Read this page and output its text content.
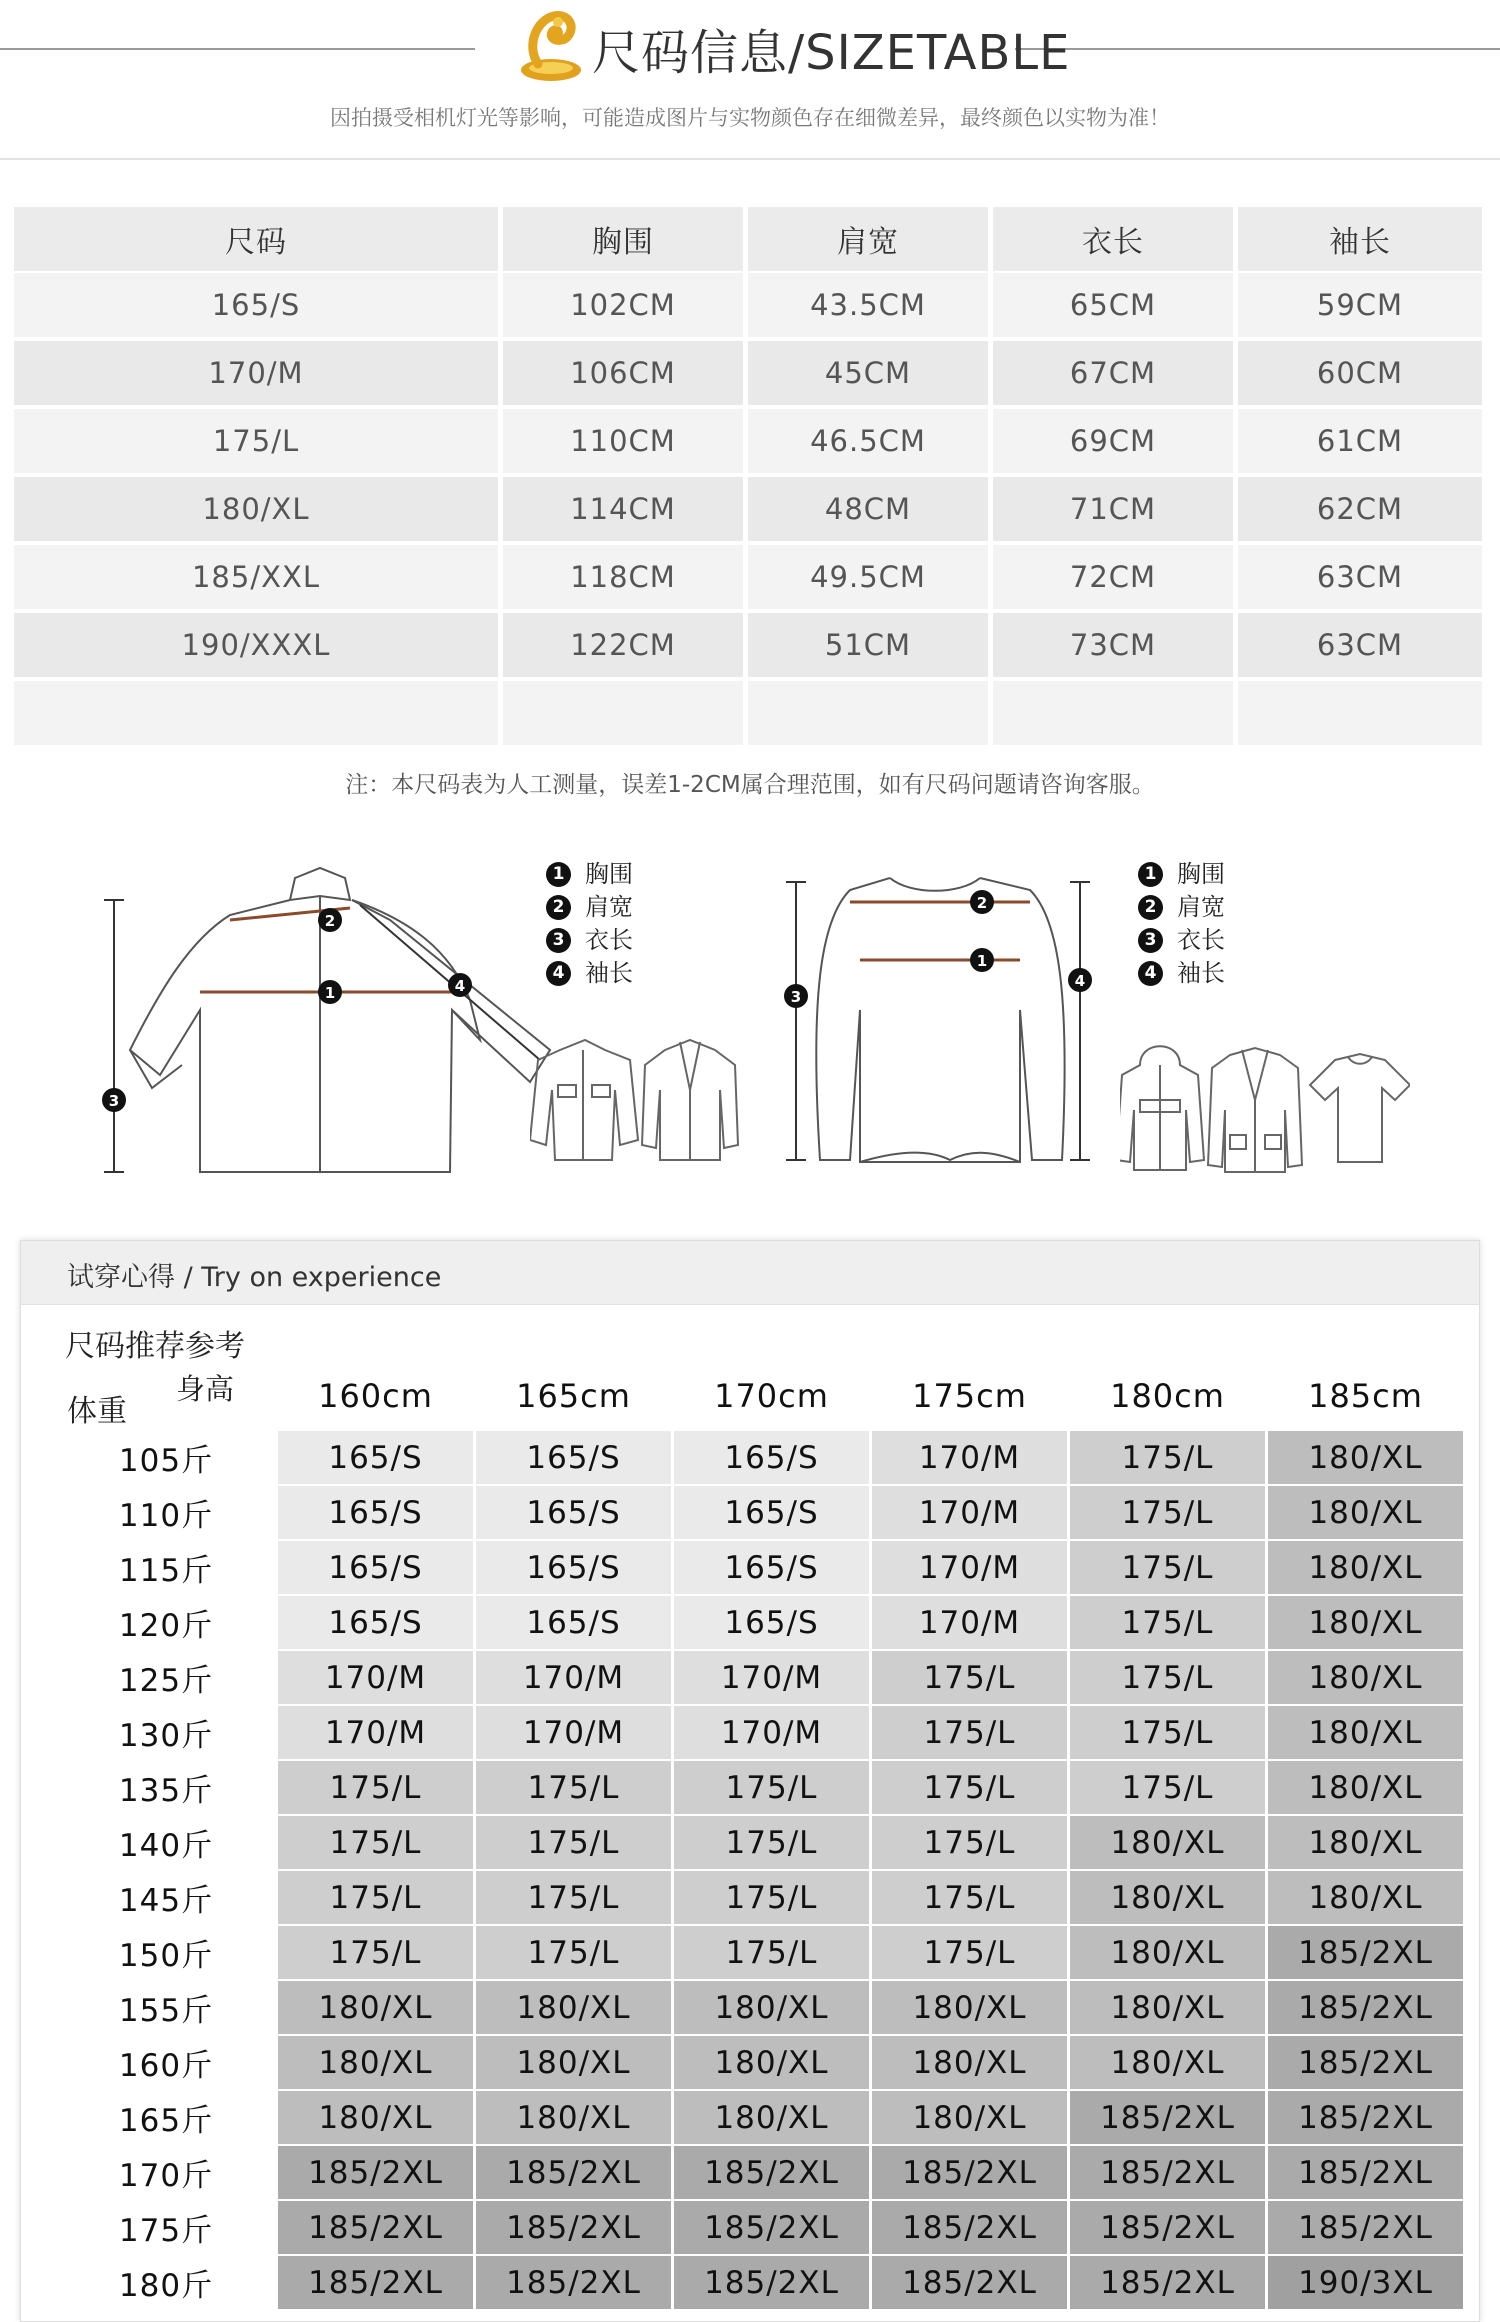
尺码信息/SIZETABLE
因拍摄受相机灯光等影响，可能造成图片与实物颜色存在细微差异，最终颜色以实物为准！
尺码	胸围	肩宽	衣长	袖长
165/S	102CM	43.5CM	65CM	59CM
170/M	106CM	45CM	67CM	60CM
175/L	110CM	46.5CM	69CM	61CM
180/XL	114CM	48CM	71CM	62CM
185/XXL	118CM	49.5CM	72CM	63CM
190/XXXL	122CM	51CM	73CM	63CM
注：本尺码表为人工测量，误差1-2CM属合理范围，如有尺码问题请咨询客服。
1
2
3
4
1 胸围
2 肩宽
3 衣长
4 袖长	1
2
3
4
1 胸围
2 肩宽
3 衣长
4 袖长
试穿心得 / Try on experience
尺码推荐参考
身高
体重	160cm	165cm	170cm	175cm	180cm	185cm
105斤	165/S	165/S	165/S	170/M	175/L	180/XL
110斤	165/S	165/S	165/S	170/M	175/L	180/XL
115斤	165/S	165/S	165/S	170/M	175/L	180/XL
120斤	165/S	165/S	165/S	170/M	175/L	180/XL
125斤	170/M	170/M	170/M	175/L	175/L	180/XL
130斤	170/M	170/M	170/M	175/L	175/L	180/XL
135斤	175/L	175/L	175/L	175/L	175/L	180/XL
140斤	175/L	175/L	175/L	175/L	180/XL	180/XL
145斤	175/L	175/L	175/L	175/L	180/XL	180/XL
150斤	175/L	175/L	175/L	175/L	180/XL	185/2XL
155斤	180/XL	180/XL	180/XL	180/XL	180/XL	185/2XL
160斤	180/XL	180/XL	180/XL	180/XL	180/XL	185/2XL
165斤	180/XL	180/XL	180/XL	180/XL	185/2XL	185/2XL
170斤	185/2XL	185/2XL	185/2XL	185/2XL	185/2XL	185/2XL
175斤	185/2XL	185/2XL	185/2XL	185/2XL	185/2XL	185/2XL
180斤	185/2XL	185/2XL	185/2XL	185/2XL	185/2XL	190/3XL
